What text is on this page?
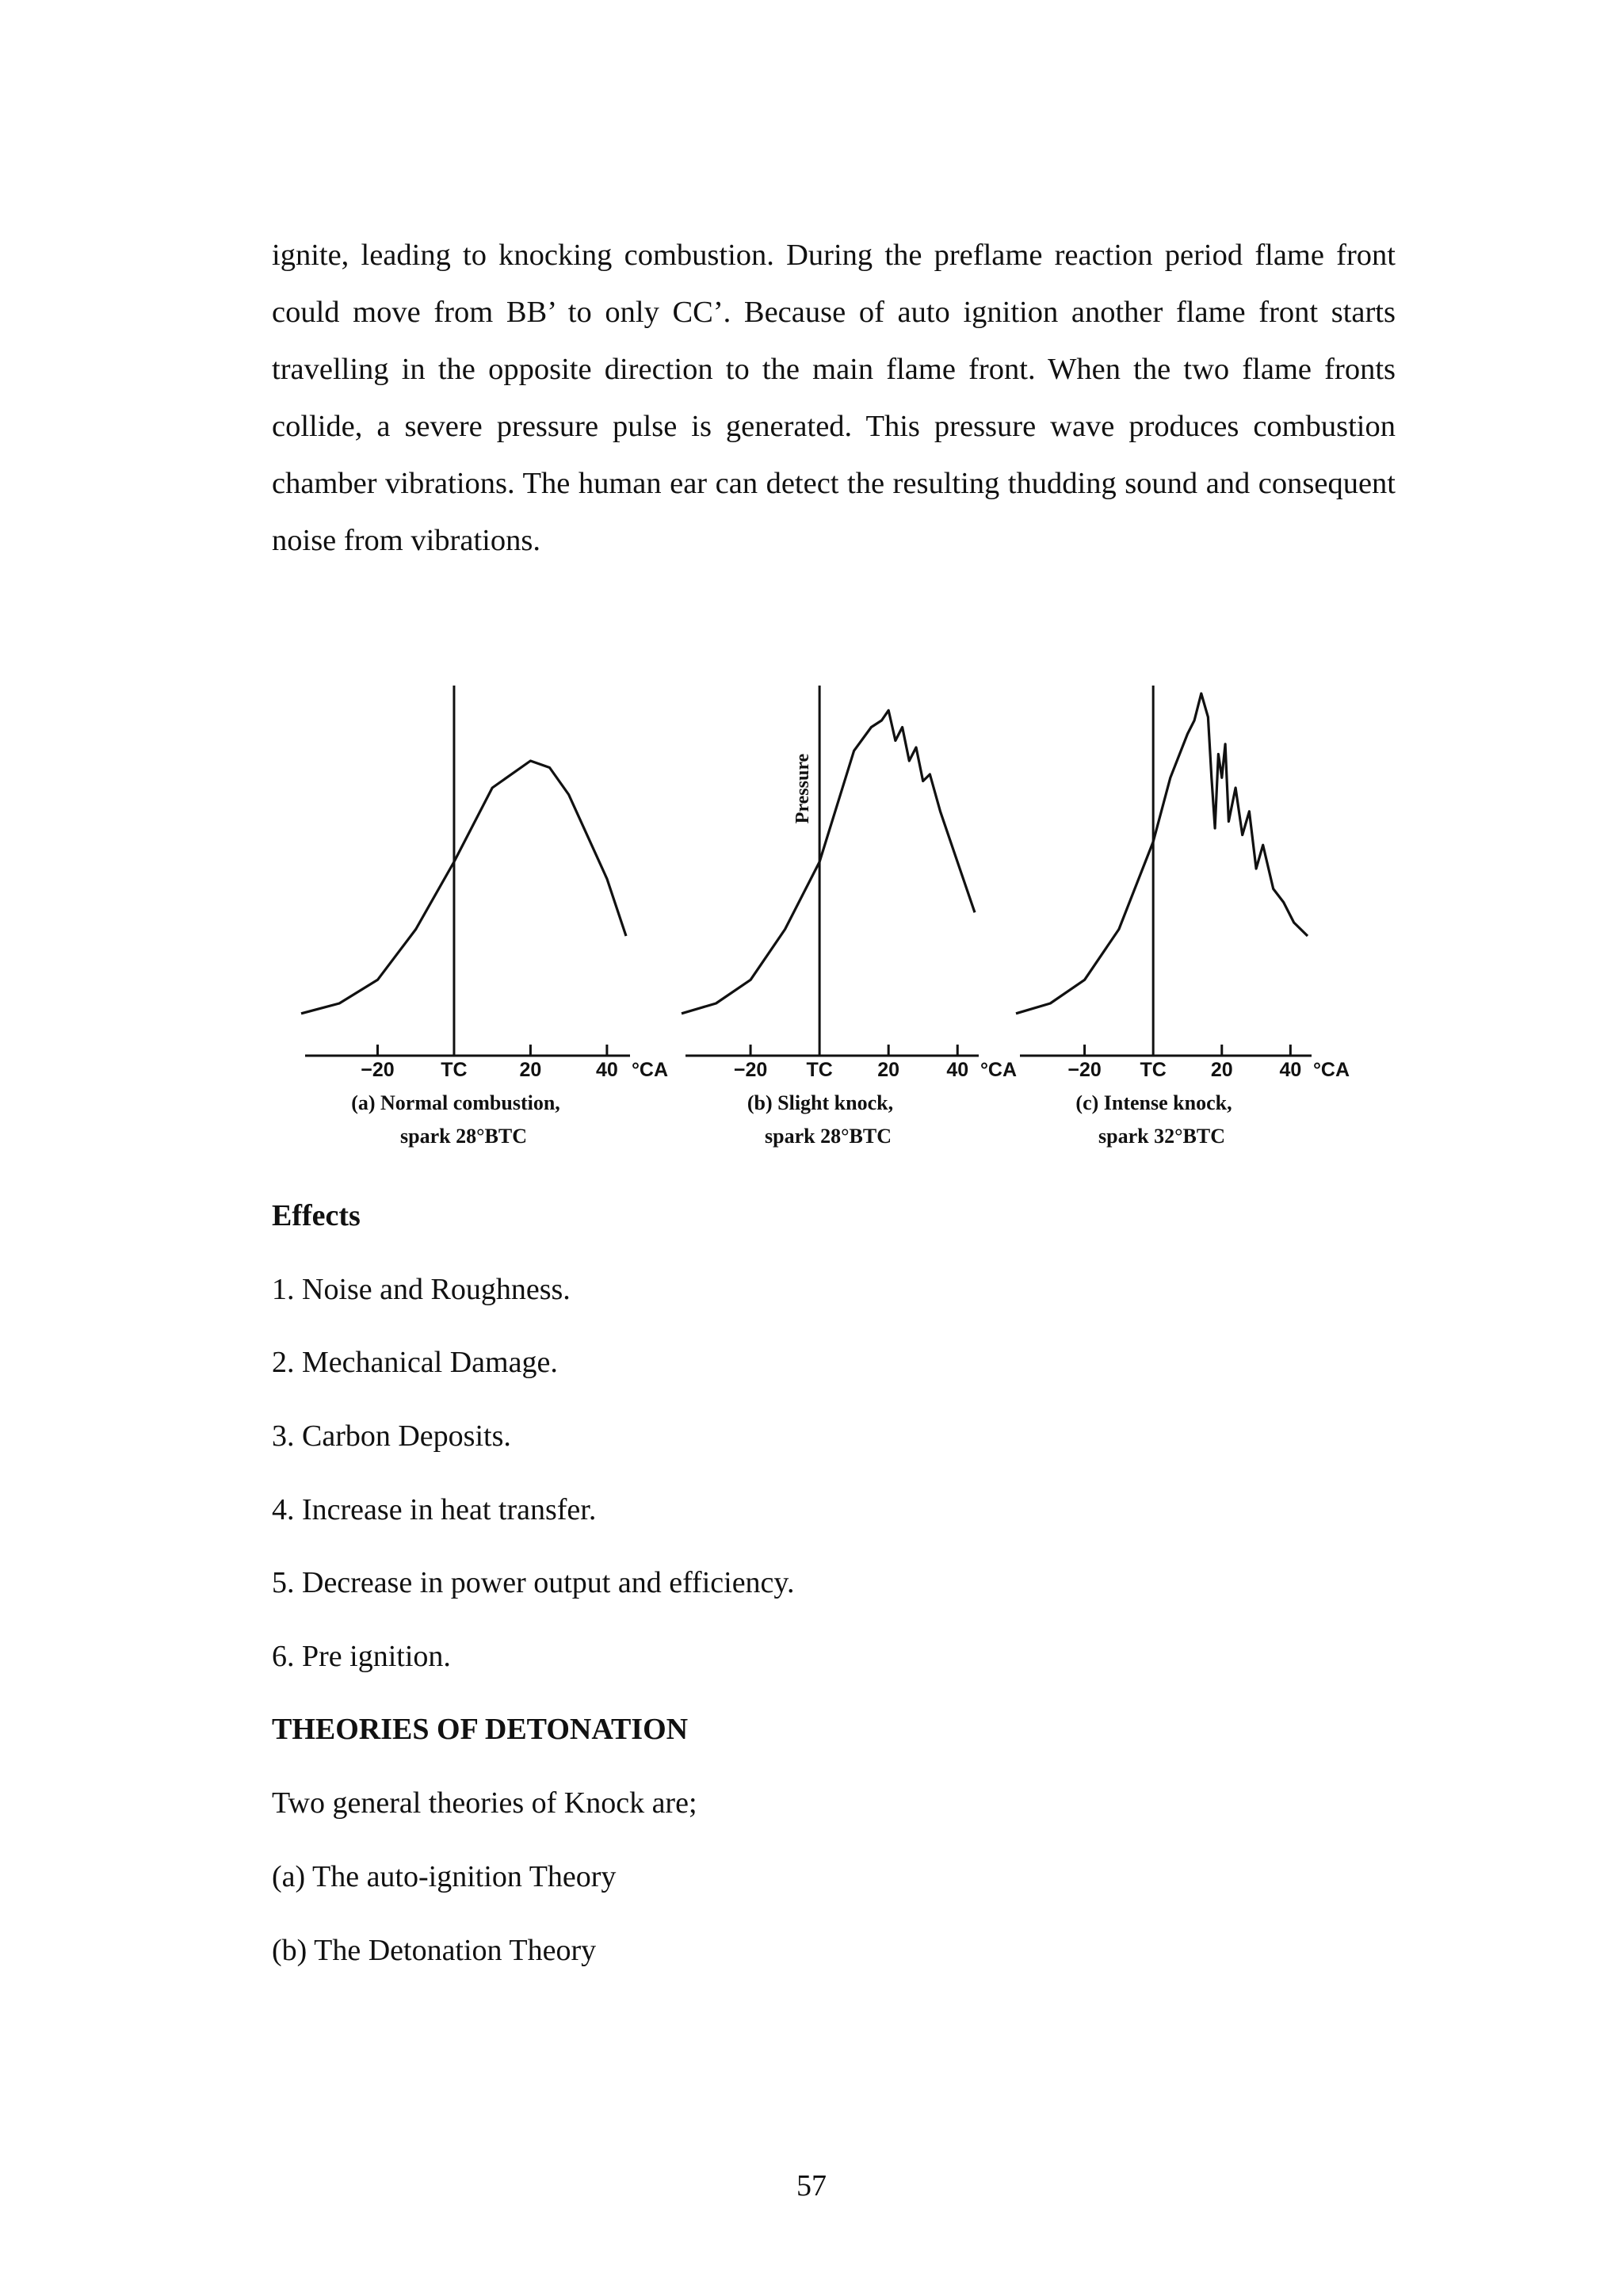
ignite, leading to knocking combustion. During the preflame reaction period flame front could move from BB’ to only CC’. Because of auto ignition another flame front starts travelling in the opposite direction to the main flame front. When the two flame fronts collide, a severe pressure pulse is generated. This pressure wave produces combustion chamber vibrations. The human ear can detect the resulting thudding sound and consequent noise from vibrations.

−20 TC	20	40 °CA
(a) Normal combustion,
spark 28°BTC
−20 TC 20 40 °CA
Pressure
(b) Slight knock,
spark 28°BTC
−20 TC 20 40 °CA
(c) Intense knock,
spark 32°BTC

Effects

1. Noise and Roughness.

2. Mechanical Damage.

3. Carbon Deposits.

4. Increase in heat transfer.

5. Decrease in power output and efficiency.

6. Pre ignition.

THEORIES OF DETONATION

Two general theories of Knock are;

(a) The auto-ignition Theory

(b) The Detonation Theory

57
